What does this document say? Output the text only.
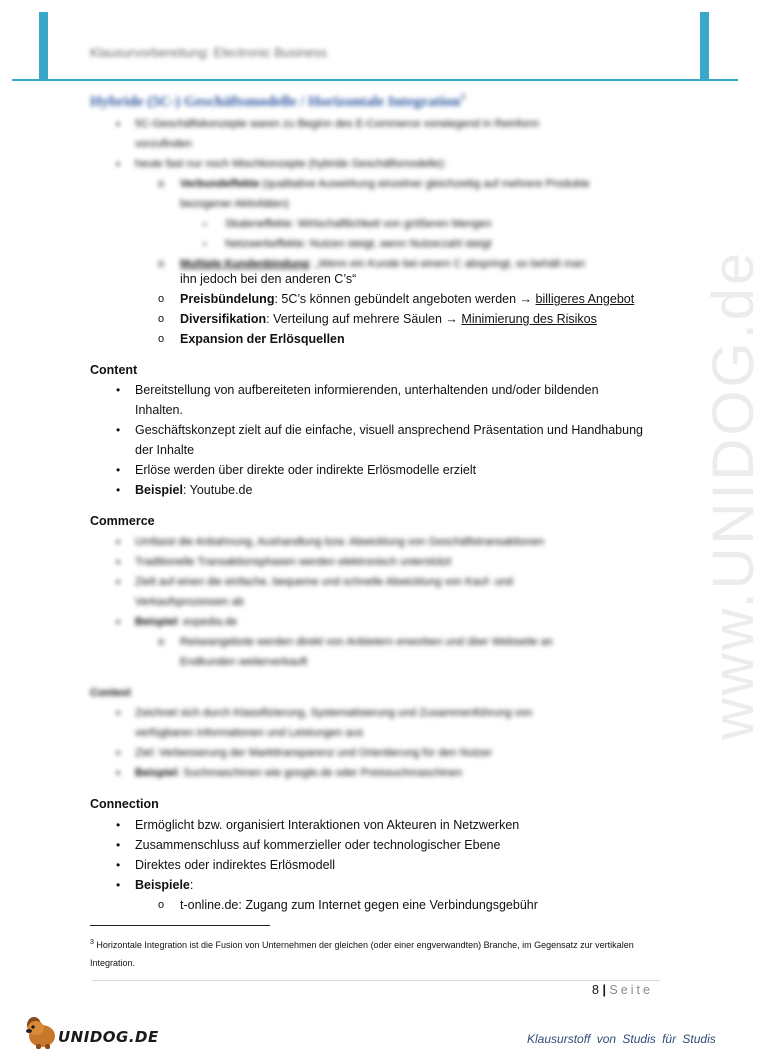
Klausurvorbereitung: Electronic Business
www.UNIDOG.de
Hybride (5C-) Geschäftsmodelle / Horizontale Integration$^3$
• 5C-Geschäftskonzepte waren zu Beginn des E-Commerce vorwiegend in Reinform
vorzufinden
• heute fast nur noch Mischkonzepte (hybride Geschäftsmodelle):
o Verbundeffekte (qualitative Auswirkung einzelner gleichzeitig auf mehrere Produkte
bezogener Aktivitäten)
▪ Skaleneffekte: Wirtschaftlichkeit von größeren Mengen
▪ Netzwerkeffekte: Nutzen steigt, wenn Nutzerzahl steigt
o Multiple Kundenbindung: „Wenn ein Kunde bei einem C abspringt, so behält man
ihn jedoch bei den anderen C’s“
o Preisbündelung: 5C’s können gebündelt angeboten werden → billigeres Angebot
o Diversifikation: Verteilung auf mehrere Säulen → Minimierung des Risikos
o Expansion der Erlösquellen
Content
• Bereitstellung von aufbereiteten informierenden, unterhaltenden und/oder bildenden
Inhalten.
• Geschäftskonzept zielt auf die einfache, visuell ansprechend Präsentation und Handhabung
der Inhalte
• Erlöse werden über direkte oder indirekte Erlösmodelle erzielt
• Beispiel: Youtube.de
Commerce
• Umfasst die Anbahnung, Aushandlung bzw. Abwicklung von Geschäftstransaktionen
• Traditionelle Transaktionsphasen werden elektronisch unterstützt
• Zielt auf einen die einfache, bequeme und schnelle Abwicklung von Kauf- und
Verkaufsprozessen ab
• Beispiel: expedia.de
o Reiseangebote werden direkt von Anbietern erworben und über Webseite an
Endkunden weiterverkauft
Context
• Zeichnet sich durch Klassifizierung, Systematisierung und Zusammenführung von
verfügbaren Informationen und Leistungen aus
• Ziel: Verbesserung der Markttransparenz und Orientierung für den Nutzer
• Beispiel: Suchmaschinen wie google.de oder Preissuchmaschinen
Connection
• Ermöglicht bzw. organisiert Interaktionen von Akteuren in Netzwerken
• Zusammenschluss auf kommerzieller oder technologischer Ebene
• Direktes oder indirektes Erlösmodell
• Beispiele:
o t-online.de: Zugang zum Internet gegen eine Verbindungsgebühr
$^3$ Horizontale Integration ist die Fusion von Unternehmen der gleichen (oder einer engverwandten) Branche, im Gegensatz zur vertikalen Integration.
8 | Seite
UNIDOG.DE	Klausurstoff von Studis für Studis
